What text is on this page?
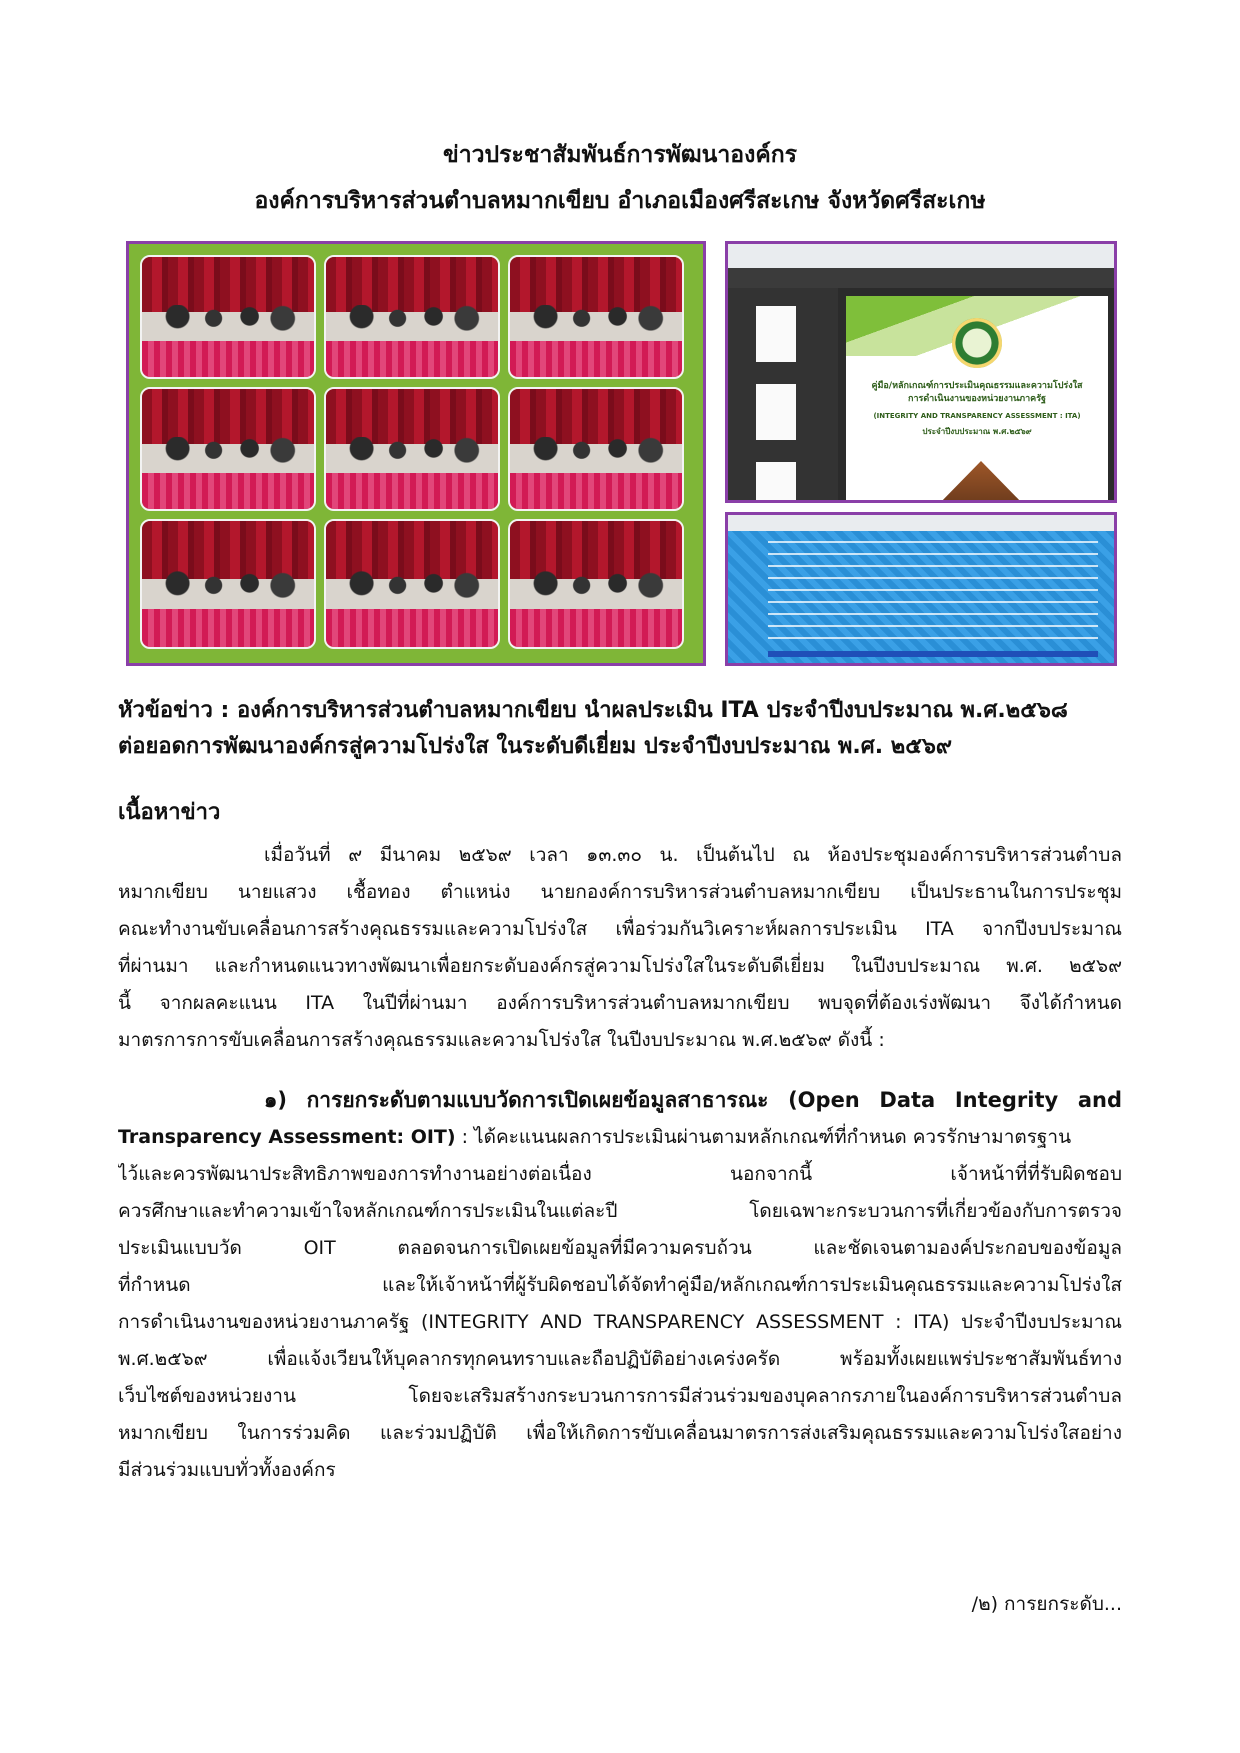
ข่าวประชาสัมพันธ์การพัฒนาองค์กร
องค์การบริหารส่วนตำบลหมากเขียบ อำเภอเมืองศรีสะเกษ จังหวัดศรีสะเกษ
คู่มือ/หลักเกณฑ์การประเมินคุณธรรมและความโปร่งใส
การดำเนินงานของหน่วยงานภาครัฐ
(INTEGRITY AND TRANSPARENCY ASSESSMENT : ITA)
ประจำปีงบประมาณ พ.ศ.๒๕๖๙
หัวข้อข่าว : องค์การบริหารส่วนตำบลหมากเขียบ นำผลประเมิน ITA ประจำปีงบประมาณ พ.ศ.๒๕๖๘
ต่อยอดการพัฒนาองค์กรสู่ความโปร่งใส ในระดับดีเยี่ยม ประจำปีงบประมาณ พ.ศ. ๒๕๖๙
เนื้อหาข่าว
เมื่อวันที่ ๙ มีนาคม ๒๕๖๙ เวลา ๑๓.๓๐ น. เป็นต้นไป ณ ห้องประชุมองค์การบริหารส่วนตำบล
หมากเขียบ นายแสวง เชื้อทอง ตำแหน่ง นายกองค์การบริหารส่วนตำบลหมากเขียบ เป็นประธานในการประชุม
คณะทำงานขับเคลื่อนการสร้างคุณธรรมและความโปร่งใส เพื่อร่วมกันวิเคราะห์ผลการประเมิน ITA จากปีงบประมาณ
ที่ผ่านมา และกำหนดแนวทางพัฒนาเพื่อยกระดับองค์กรสู่ความโปร่งใสในระดับดีเยี่ยม ในปีงบประมาณ พ.ศ. ๒๕๖๙
นี้ จากผลคะแนน ITA ในปีที่ผ่านมา องค์การบริหารส่วนตำบลหมากเขียบ พบจุดที่ต้องเร่งพัฒนา จึงได้กำหนด
มาตรการการขับเคลื่อนการสร้างคุณธรรมและความโปร่งใส ในปีงบประมาณ พ.ศ.๒๕๖๙ ดังนี้ :
๑) การยกระดับตามแบบวัดการเปิดเผยข้อมูลสาธารณะ (Open Data Integrity and
Transparency Assessment: OIT) : ได้คะแนนผลการประเมินผ่านตามหลักเกณฑ์ที่กำหนด ควรรักษามาตรฐาน
ไว้และควรพัฒนาประสิทธิภาพของการทำงานอย่างต่อเนื่อง นอกจากนี้ เจ้าหน้าที่ที่รับผิดชอบ
ควรศึกษาและทำความเข้าใจหลักเกณฑ์การประเมินในแต่ละปี โดยเฉพาะกระบวนการที่เกี่ยวข้องกับการตรวจ
ประเมินแบบวัด OIT ตลอดจนการเปิดเผยข้อมูลที่มีความครบถ้วน และชัดเจนตามองค์ประกอบของข้อมูล
ที่กำหนด และให้เจ้าหน้าที่ผู้รับผิดชอบได้จัดทำคู่มือ/หลักเกณฑ์การประเมินคุณธรรมและความโปร่งใส
การดำเนินงานของหน่วยงานภาครัฐ (INTEGRITY AND TRANSPARENCY ASSESSMENT : ITA) ประจำปีงบประมาณ
พ.ศ.๒๕๖๙ เพื่อแจ้งเวียนให้บุคลากรทุกคนทราบและถือปฏิบัติอย่างเคร่งครัด พร้อมทั้งเผยแพร่ประชาสัมพันธ์ทาง
เว็บไซต์ของหน่วยงาน โดยจะเสริมสร้างกระบวนการการมีส่วนร่วมของบุคลากรภายในองค์การบริหารส่วนตำบล
หมากเขียบ ในการร่วมคิด และร่วมปฏิบัติ เพื่อให้เกิดการขับเคลื่อนมาตรการส่งเสริมคุณธรรมและความโปร่งใสอย่าง
มีส่วนร่วมแบบทั่วทั้งองค์กร
/๒) การยกระดับ...
